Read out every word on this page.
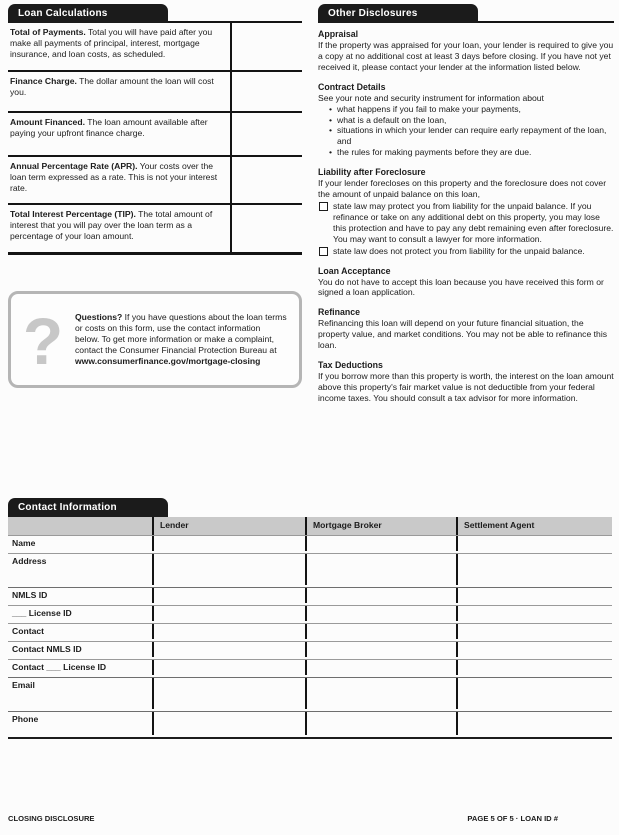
Loan Calculations
Total of Payments. Total you will have paid after you make all payments of principal, interest, mortgage insurance, and loan costs, as scheduled.
Finance Charge. The dollar amount the loan will cost you.
Amount Financed. The loan amount available after paying your upfront finance charge.
Annual Percentage Rate (APR). Your costs over the loan term expressed as a rate. This is not your interest rate.
Total Interest Percentage (TIP). The total amount of interest that you will pay over the loan term as a percentage of your loan amount.
?	Questions? If you have questions about the loan terms or costs on this form, use the contact information below. To get more information or make a complaint, contact the Consumer Financial Protection Bureau at www.consumerfinance.gov/mortgage-closing
Other Disclosures
Appraisal
If the property was appraised for your loan, your lender is required to give you a copy at no additional cost at least 3 days before closing. If you have not yet received it, please contact your lender at the information listed below.
Contract Details
See your note and security instrument for information about
• what happens if you fail to make your payments,
• what is a default on the loan,
• situations in which your lender can require early repayment of the loan, and
• the rules for making payments before they are due.
Liability after Foreclosure
If your lender forecloses on this property and the foreclosure does not cover the amount of unpaid balance on this loan,
state law may protect you from liability for the unpaid balance. If you refinance or take on any additional debt on this property, you may lose this protection and have to pay any debt remaining even after foreclosure. You may want to consult a lawyer for more information.
state law does not protect you from liability for the unpaid balance.
Loan Acceptance
You do not have to accept this loan because you have received this form or signed a loan application.
Refinance
Refinancing this loan will depend on your future financial situation, the property value, and market conditions. You may not be able to refinance this loan.
Tax Deductions
If you borrow more than this property is worth, the interest on the loan amount above this property's fair market value is not deductible from your federal income taxes. You should consult a tax advisor for more information.
Contact Information
Lender	Mortgage Broker	Settlement Agent
Name
Address
NMLS ID
___ License ID
Contact
Contact NMLS ID
Contact ___ License ID
Email
Phone
CLOSING DISCLOSURE	PAGE 5 OF 5 · LOAN ID #
